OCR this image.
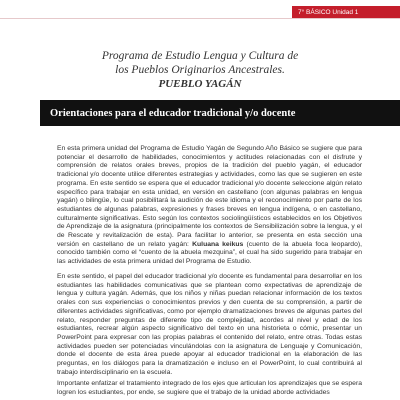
7° BÁSICO Unidad 1
Programa de Estudio Lengua y Cultura de
los Pueblos Originarios Ancestrales.
PUEBLO YAGÁN
Orientaciones para el educador tradicional y/o docente
En esta primera unidad del Programa de Estudio Yagán de Segundo Año Básico se sugiere que para potenciar el desarrollo de habilidades, conocimientos y actitudes relacionadas con el disfrute y comprensión de relatos orales breves, propios de la tradición del pueblo yagán, el educador tradicional y/o docente utilice diferentes estrategias y actividades, como las que se sugieren en este programa. En este sentido se espera que el educador tradicional y/o docente seleccione algún relato específico para trabajar en esta unidad, en versión en castellano (con algunas palabras en lengua yagán) o bilingüe, lo cual posibilitará la audición de este idioma y el reconocimiento por parte de los estudiantes de algunas palabras, expresiones y frases breves en lengua indígena, o en castellano, culturalmente significativas. Esto según los contextos sociolingüísticos establecidos en los Objetivos de Aprendizaje de la asignatura (principalmente los contextos de Sensibilización sobre la lengua, y el de Rescate y revitalización de esta). Para facilitar lo anterior, se presenta en esta sección una versión en castellano de un relato yagán: Kuluana keikus (cuento de la abuela foca leopardo), conocido también como el “cuento de la abuela mezquina”, el cual ha sido sugerido para trabajar en las actividades de esta primera unidad del Programa de Estudio.
En este sentido, el papel del educador tradicional y/o docente es fundamental para desarrollar en los estudiantes las habilidades comunicativas que se plantean como expectativas de aprendizaje de lengua y cultura yagán. Además, que los niños y niñas puedan relacionar información de los textos orales con sus experiencias o conocimientos previos y den cuenta de su comprensión, a partir de diferentes actividades significativas, como por ejemplo dramatizaciones breves de algunas partes del relato, responder preguntas de diferente tipo de complejidad, acordes al nivel y edad de los estudiantes, recrear algún aspecto significativo del texto en una historieta o cómic, presentar un PowerPoint para expresar con las propias palabras el contenido del relato, entre otras. Todas estas actividades pueden ser potenciadas vinculándolas con la asignatura de Lenguaje y Comunicación, donde el docente de esta área puede apoyar al educador tradicional en la elaboración de las preguntas, en los diálogos para la dramatización e incluso en el PowerPoint, lo cual contribuirá al trabajo interdisciplinario en la escuela.
Importante enfatizar el tratamiento integrado de los ejes que articulan los aprendizajes que se espera logren los estudiantes, por ende, se sugiere que el trabajo de la unidad aborde actividades
